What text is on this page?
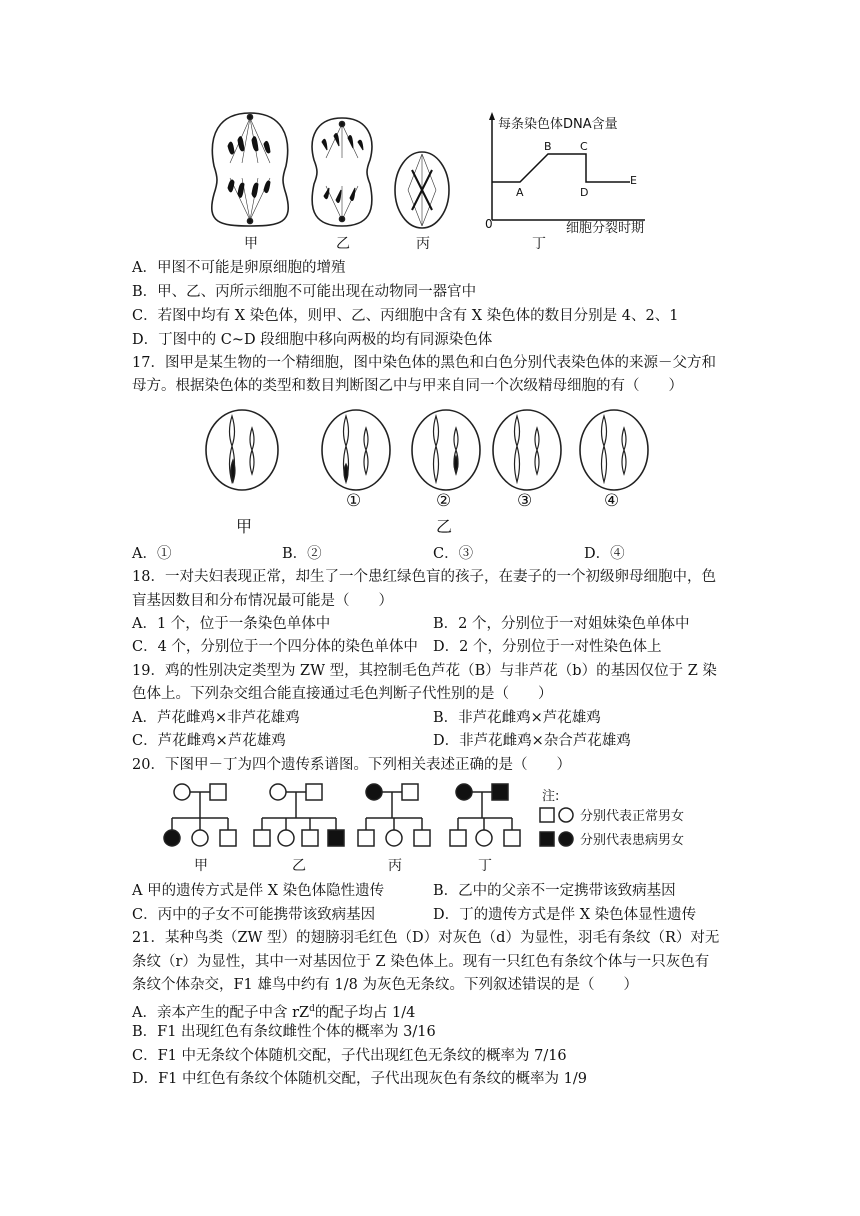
每条染色体DNA含量
0	细胞分裂时期
A
B	C
D
E
甲	乙	丙	丁
A．甲图不可能是卵原细胞的增殖
B．甲、乙、丙所示细胞不可能出现在动物同一器官中
C．若图中均有 X 染色体，则甲、乙、丙细胞中含有 X 染色体的数目分别是 4、2、1
D．丁图中的 C~D 段细胞中移向两极的均有同源染色体
17．图甲是某生物的一个精细胞，图中染色体的黑色和白色分别代表染色体的来源－父方和
母方。根据染色体的类型和数目判断图乙中与甲来自同一个次级精母细胞的有（　　）
①	②	③	④
甲	乙
A．①	B．②	C．③	D．④
18．一对夫妇表现正常，却生了一个患红绿色盲的孩子，在妻子的一个初级卵母细胞中，色
盲基因数目和分布情况最可能是（　　）
A．1 个，位于一条染色单体中	B．2 个，分别位于一对姐妹染色单体中
C．4 个，分别位于一个四分体的染色单体中 D．2 个，分别位于一对性染色体上
19．鸡的性别决定类型为 ZW 型，其控制毛色芦花（B）与非芦花（b）的基因仅位于 Z 染
色体上。下列杂交组合能直接通过毛色判断子代性别的是（　　）
A．芦花雌鸡×非芦花雄鸡	B．非芦花雌鸡×芦花雄鸡
C．芦花雌鸡×芦花雄鸡	D．非芦花雌鸡×杂合芦花雄鸡
20．下图甲－丁为四个遗传系谱图。下列相关表述正确的是（　　）
注:
分别代表正常男女
分别代表患病男女
甲	乙	丙	丁
A 甲的遗传方式是伴 X 染色体隐性遗传	B．乙中的父亲不一定携带该致病基因
C．丙中的子女不可能携带该致病基因	D．丁的遗传方式是伴 X 染色体显性遗传
21．某种鸟类（ZW 型）的翅膀羽毛红色（D）对灰色（d）为显性，羽毛有条纹（R）对无
条纹（r）为显性，其中一对基因位于 Z 染色体上。现有一只红色有条纹个体与一只灰色有
条纹个体杂交，F1 雄鸟中约有 1/8 为灰色无条纹。下列叙述错误的是（　　）
A．亲本产生的配子中含 $rZ^d$的配子均占 1/4
B．F1 出现红色有条纹雌性个体的概率为 3/16
C．F1 中无条纹个体随机交配，子代出现红色无条纹的概率为 7/16
D．F1 中红色有条纹个体随机交配，子代出现灰色有条纹的概率为 1/9
